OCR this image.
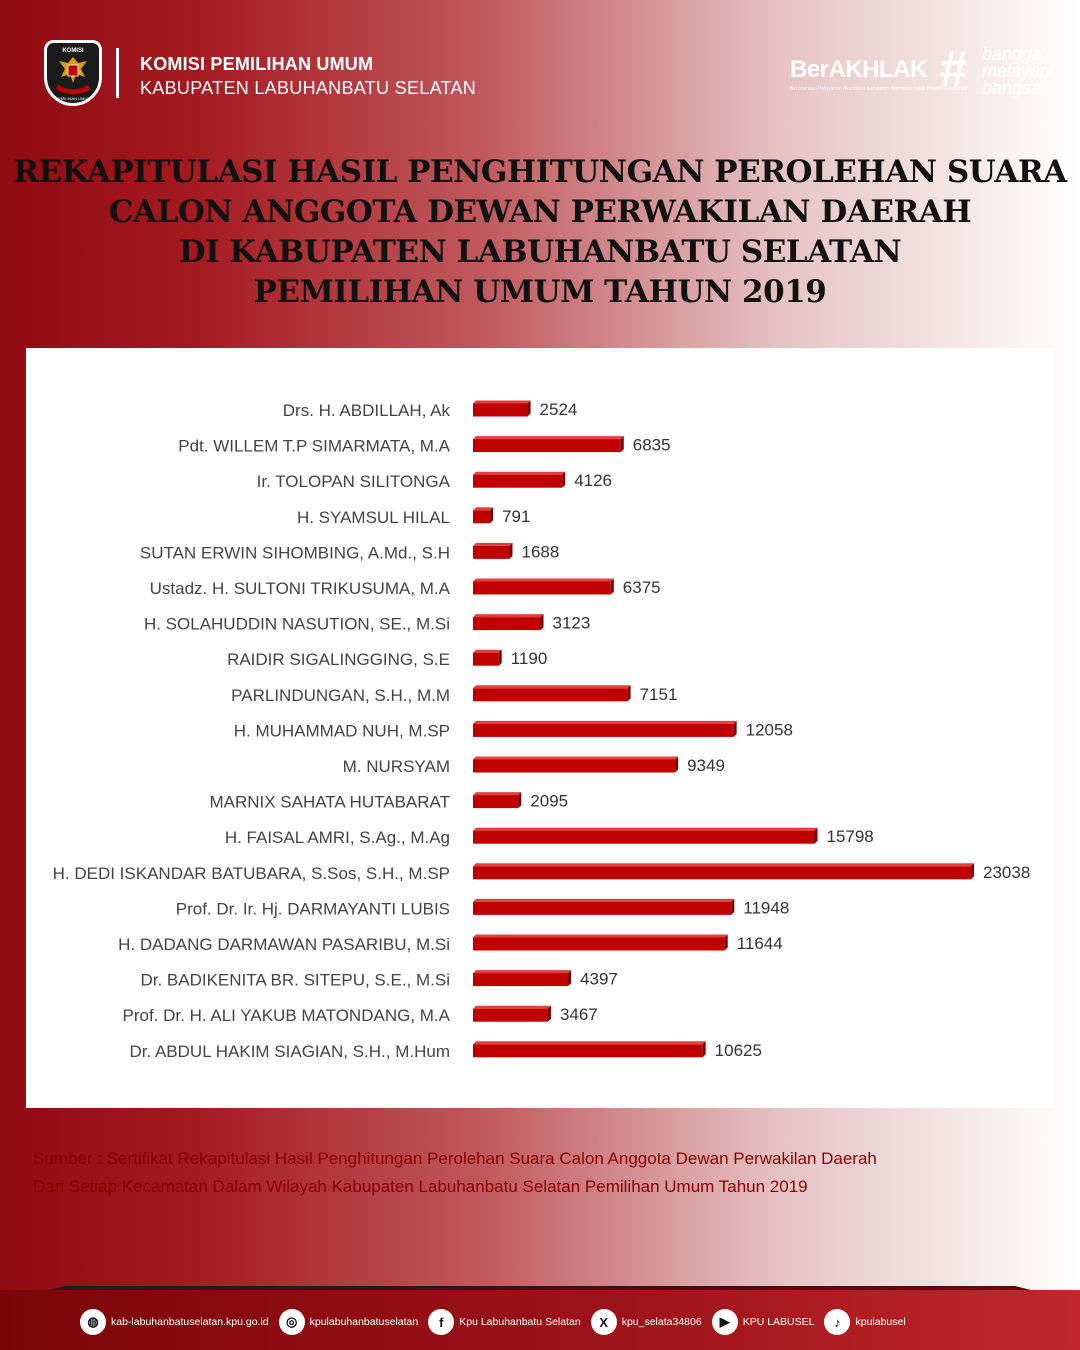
KOMISI
PEMILIHAN UMUM
KOMISI PEMILIHAN UMUM
KABUPATEN LABUHANBATU SELATAN
BerAKHLAK
Berorientasi Pelayanan Akuntabel Kompeten Harmonis Loyal Adaptif Kolaboratif
# bangga
melayani
bangsa
REKAPITULASI HASIL PENGHITUNGAN PEROLEHAN SUARA
CALON ANGGOTA DEWAN PERWAKILAN DAERAH
DI KABUPATEN LABUHANBATU SELATAN
PEMILIHAN UMUM TAHUN 2019
Drs. H. ABDILLAH, Ak	2524
Pdt. WILLEM T.P SIMARMATA, M.A	6835
Ir. TOLOPAN SILITONGA	4126
H. SYAMSUL HILAL	791
SUTAN ERWIN SIHOMBING, A.Md., S.H	1688
Ustadz. H. SULTONI TRIKUSUMA, M.A	6375
H. SOLAHUDDIN NASUTION, SE., M.Si	3123
RAIDIR SIGALINGGING, S.E	1190
PARLINDUNGAN, S.H., M.M	7151
H. MUHAMMAD NUH, M.SP	12058
M. NURSYAM	9349
MARNIX SAHATA HUTABARAT	2095
H. FAISAL AMRI, S.Ag., M.Ag	15798
H. DEDI ISKANDAR BATUBARA, S.Sos, S.H., M.SP	23038
Prof. Dr. Ir. Hj. DARMAYANTI LUBIS	11948
H. DADANG DARMAWAN PASARIBU, M.Si	11644
Dr. BADIKENITA BR. SITEPU, S.E., M.Si	4397
Prof. Dr. H. ALI YAKUB MATONDANG, M.A	3467
Dr. ABDUL HAKIM SIAGIAN, S.H., M.Hum	10625
Sumber : Sertifikat Rekapitulasi Hasil Penghitungan Perolehan Suara Calon Anggota Dewan Perwakilan Daerah
Dari Setiap Kecamatan Dalam Wilayah Kabupaten Labuhanbatu Selatan Pemilihan Umum Tahun 2019
◍	kab-labuhanbatuselatan.kpu.go.id	◎	kpulabuhanbatuselatan	f	Kpu Labuhanbatu Selatan	X	kpu_selata34806	▶	KPU LABUSEL	♪	kpulabusel
